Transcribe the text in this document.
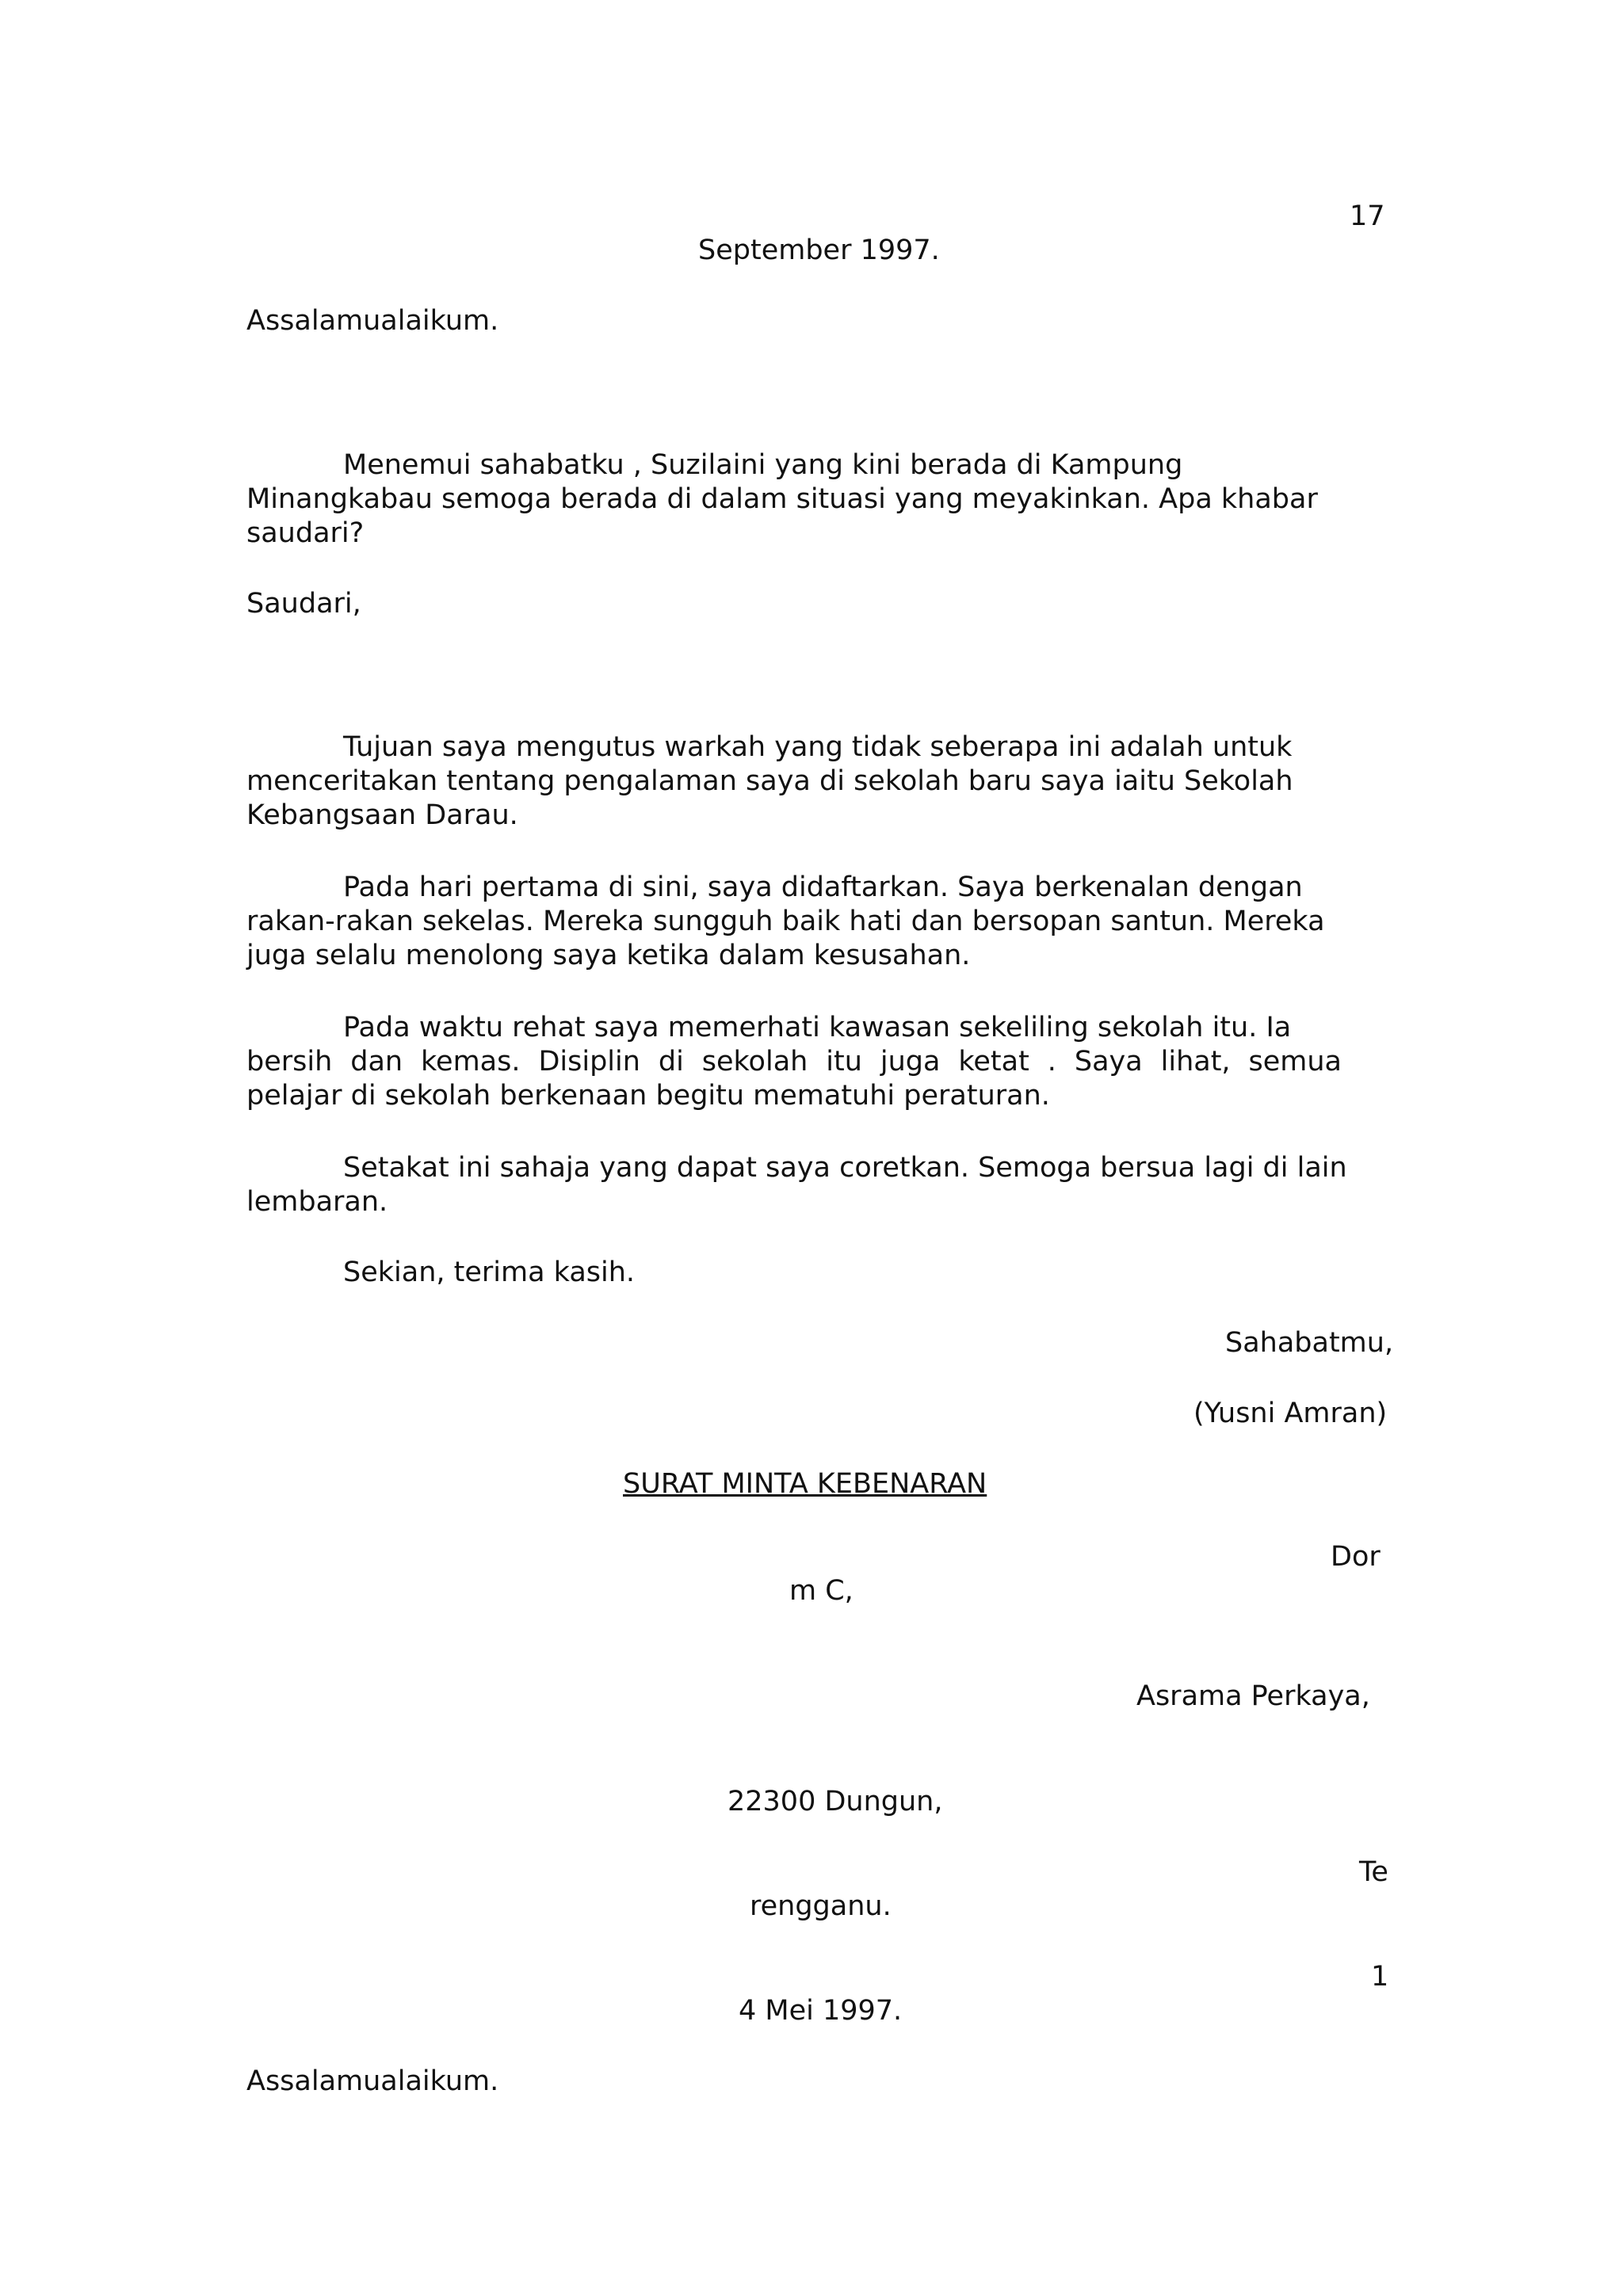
17
September 1997.
Assalamualaikum.
Menemui sahabatku , Suzilaini yang kini berada di Kampung
Minangkabau semoga berada di dalam situasi yang meyakinkan. Apa khabar
saudari?
Saudari,
Tujuan saya mengutus warkah yang tidak seberapa ini adalah untuk
menceritakan tentang pengalaman saya di sekolah baru saya iaitu Sekolah
Kebangsaan Darau.
Pada hari pertama di sini, saya didaftarkan. Saya berkenalan dengan
rakan-rakan sekelas. Mereka sungguh baik hati dan bersopan santun. Mereka
juga selalu menolong saya ketika dalam kesusahan.
Pada waktu rehat saya memerhati kawasan sekeliling sekolah itu. Ia
bersih dan kemas. Disiplin di sekolah itu juga ketat . Saya lihat, semua
pelajar di sekolah berkenaan begitu mematuhi peraturan.
Setakat ini sahaja yang dapat saya coretkan. Semoga bersua lagi di lain
lembaran.
Sekian, terima kasih.
Sahabatmu,
(Yusni Amran)
SURAT MINTA KEBENARAN
Dor
m C,
Asrama Perkaya,
22300 Dungun,
Te
rengganu.
1
4 Mei 1997.
Assalamualaikum.
